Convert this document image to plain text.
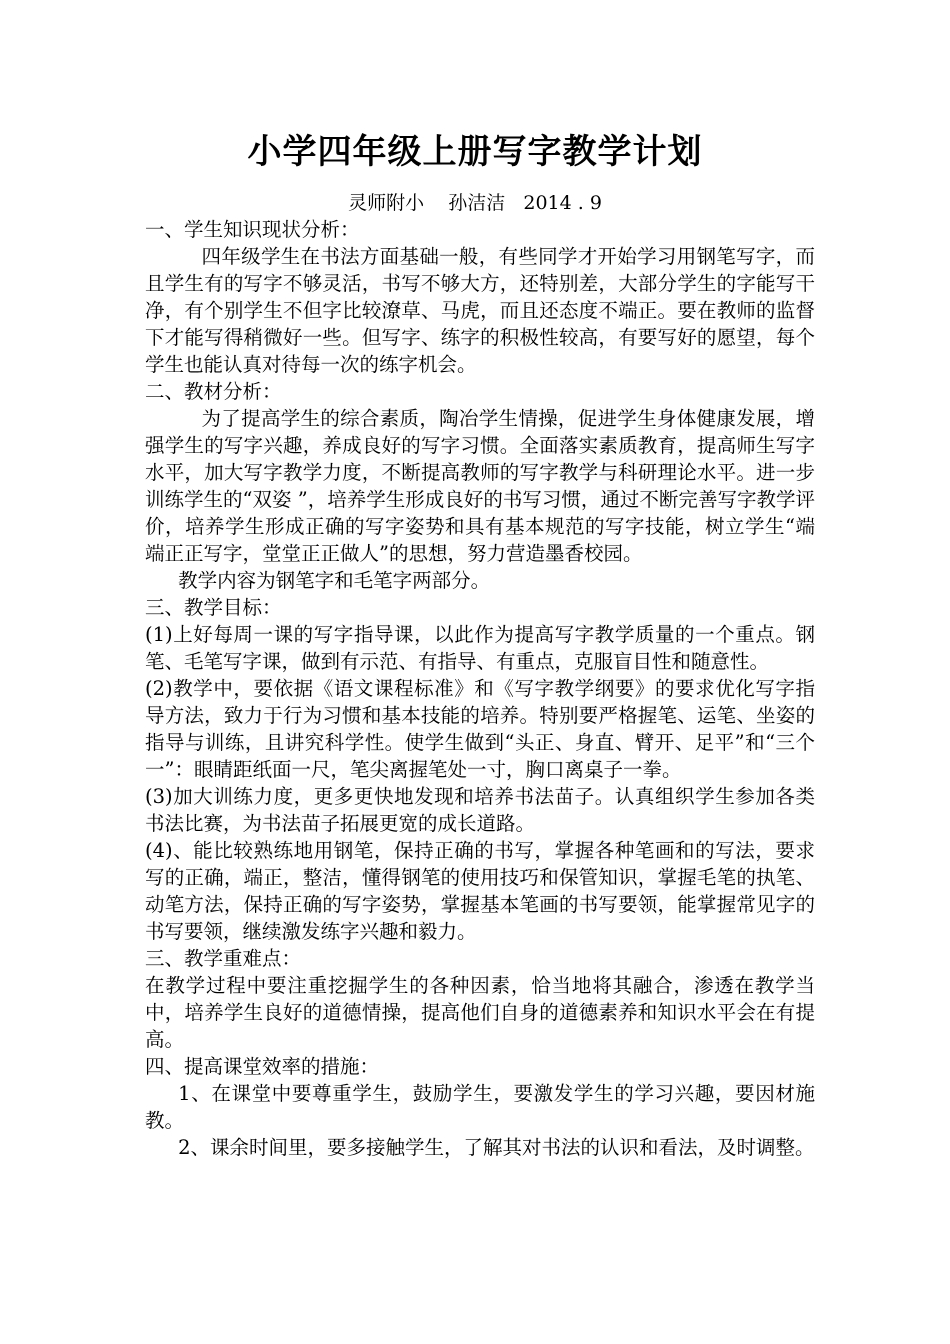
小学四年级上册写字教学计划
灵师附小    孙洁洁   2014 . 9

一、学生知识现状分析：

四年级学生在书法方面基础一般，有些同学才开始学习用钢笔写字，而且学生有的写字不够灵活，书写不够大方，还特别差，大部分学生的字能写干净，有个别学生不但字比较潦草、马虎，而且还态度不端正。要在教师的监督下才能写得稍微好一些。但写字、练字的积极性较高，有要写好的愿望，每个学生也能认真对待每一次的练字机会。

二、教材分析：

为了提高学生的综合素质，陶冶学生情操，促进学生身体健康发展，增强学生的写字兴趣，养成良好的写字习惯。全面落实素质教育，提高师生写字水平，加大写字教学力度，不断提高教师的写字教学与科研理论水平。进一步训练学生的“双姿 ”，培养学生形成良好的书写习惯，通过不断完善写字教学评价，培养学生形成正确的写字姿势和具有基本规范的写字技能，树立学生“端端正正写字，堂堂正正做人”的思想，努力营造墨香校园。

教学内容为钢笔字和毛笔字两部分。

三、教学目标：

(1)上好每周一课的写字指导课，以此作为提高写字教学质量的一个重点。钢笔、毛笔写字课，做到有示范、有指导、有重点，克服盲目性和随意性。

(2)教学中，要依据《语文课程标准》和《写字教学纲要》的要求优化写字指导方法，致力于行为习惯和基本技能的培养。特别要严格握笔、运笔、坐姿的指导与训练，且讲究科学性。使学生做到“头正、身直、臂开、足平”和“三个一”：眼睛距纸面一尺，笔尖离握笔处一寸，胸口离桌子一拳。

(3)加大训练力度，更多更快地发现和培养书法苗子。认真组织学生参加各类书法比赛，为书法苗子拓展更宽的成长道路。

(4)、能比较熟练地用钢笔，保持正确的书写，掌握各种笔画和的写法，要求写的正确，端正，整洁，懂得钢笔的使用技巧和保管知识，掌握毛笔的执笔、动笔方法，保持正确的写字姿势，掌握基本笔画的书写要领，能掌握常见字的书写要领，继续激发练字兴趣和毅力。

三、教学重难点：

在教学过程中要注重挖掘学生的各种因素，恰当地将其融合，渗透在教学当中，培养学生良好的道德情操，提高他们自身的道德素养和知识水平会在有提高。

四、提高课堂效率的措施：

1、在课堂中要尊重学生，鼓励学生，要激发学生的学习兴趣，要因材施教。

2、课余时间里，要多接触学生，了解其对书法的认识和看法，及时调整。
